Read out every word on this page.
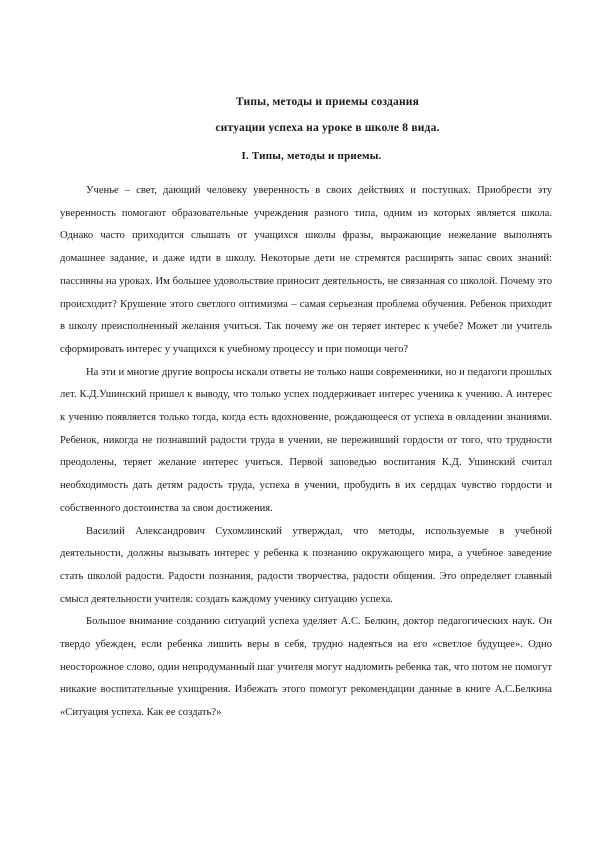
Типы, методы и приемы создания
ситуации успеха на уроке в школе 8 вида.
I. Типы, методы и приемы.

Ученье – свет, дающий человеку уверенность в своих действиях и поступках. Приобрести эту уверенность помогают образовательные учреждения разного типа, одним из которых является школа. Однако часто приходится слышать от учащихся школы фразы, выражающие нежелание выполнять домашнее задание, и даже идти в школу. Некоторые дети не стремятся расширять запас своих знаний: пассивны на уроках. Им большее удовольствие приносит деятельность, не связанная со школой. Почему это происходит? Крушение этого светлого оптимизма – самая серьезная проблема обучения. Ребенок приходит в школу преисполненный желания учиться. Так почему же он теряет интерес к учебе? Может ли учитель сформировать интерес у учащихся к учебному процессу и при помощи чего?

На эти и многие другие вопросы искали ответы не только наши современники, но и педагоги прошлых лет. К.Д.Ушинский пришел к выводу, что только успех поддерживает интерес ученика к учению. А интерес к учению появляется только тогда, когда есть вдохновение, рождающееся от успеха в овладении знаниями. Ребенок, никогда не познавший радости труда в учении, не переживший гордости от того, что трудности преодолены, теряет желание интерес учиться. Первой заповедью воспитания К.Д. Ушинский считал необходимость дать детям радость труда, успеха в учении, пробудить в их сердцах чувство гордости и собственного достоинства за свои достижения.

Василий Александрович Сухомлинский утверждал, что методы, используемые в учебной деятельности, должны вызывать интерес у ребенка к познанию окружающего мира, а учебное заведение стать школой радости. Радости познания, радости творчества, радости общения. Это определяет главный смысл деятельности учителя: создать каждому ученику ситуацию успеха.

Большое внимание созданию ситуаций успеха уделяет А.С. Белкин, доктор педагогических наук. Он твердо убежден, если ребенка лишить веры в себя, трудно надеяться на его «светлое будущее». Одно неосторожное слово, один непродуманный шаг учителя могут надломить ребенка так, что потом не помогут никакие воспитательные ухищрения. Избежать этого помогут рекомендации данные в книге А.С.Белкина «Ситуация успеха. Как ее создать?»
